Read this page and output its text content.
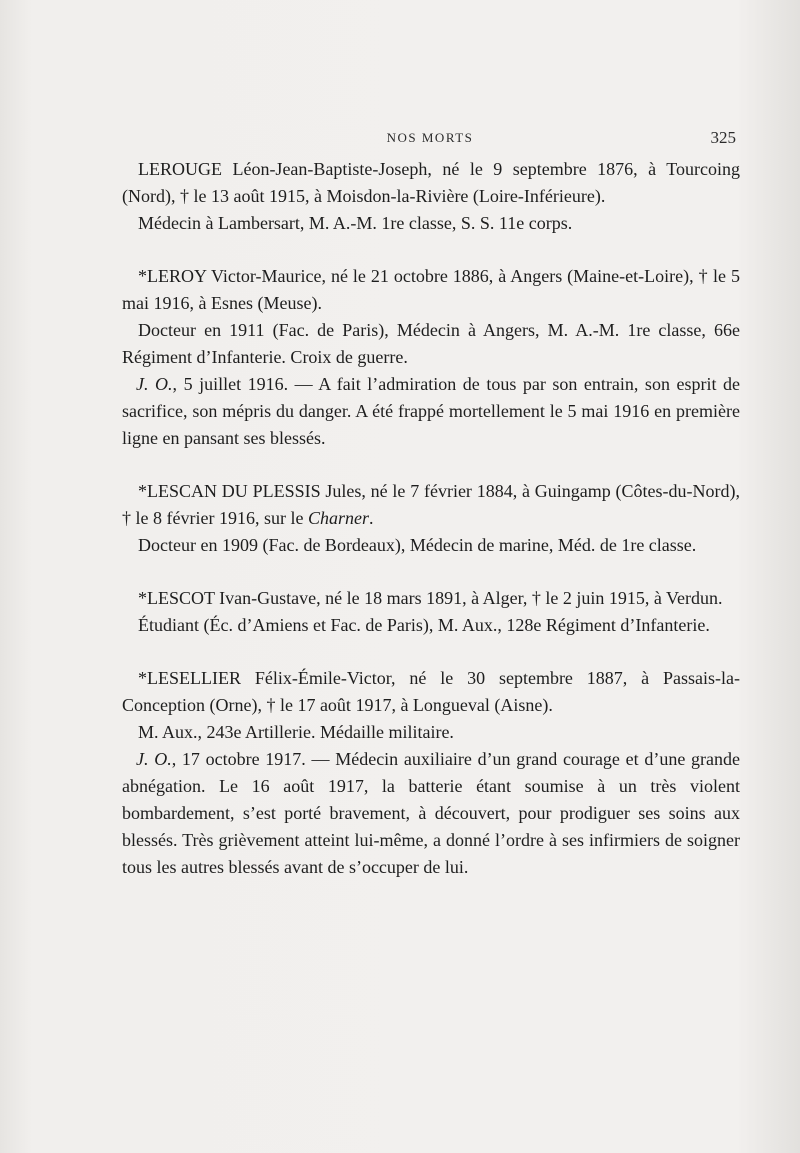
NOS MORTS	325

LEROUGE Léon-Jean-Baptiste-Joseph, né le 9 septembre 1876, à Tourcoing (Nord), † le 13 août 1915, à Moisdon-la-Rivière (Loire-Inférieure).

Médecin à Lambersart, M. A.-M. 1re classe, S. S. 11e corps.

*LEROY Victor-Maurice, né le 21 octobre 1886, à Angers (Maine-et-Loire), † le 5 mai 1916, à Esnes (Meuse).

Docteur en 1911 (Fac. de Paris), Médecin à Angers, M. A.-M. 1re classe, 66e Régiment d’Infanterie. Croix de guerre.

J. O., 5 juillet 1916. — A fait l’admiration de tous par son entrain, son esprit de sacrifice, son mépris du danger. A été frappé mortellement le 5 mai 1916 en première ligne en pansant ses blessés.

*LESCAN DU PLESSIS Jules, né le 7 février 1884, à Guingamp (Côtes-du-Nord), † le 8 février 1916, sur le Charner.

Docteur en 1909 (Fac. de Bordeaux), Médecin de marine, Méd. de 1re classe.

*LESCOT Ivan-Gustave, né le 18 mars 1891, à Alger, † le 2 juin 1915, à Verdun.

Étudiant (Éc. d’Amiens et Fac. de Paris), M. Aux., 128e Régiment d’Infanterie.

*LESELLIER Félix-Émile-Victor, né le 30 septembre 1887, à Passais-la-Conception (Orne), † le 17 août 1917, à Longueval (Aisne).

M. Aux., 243e Artillerie. Médaille militaire.

J. O., 17 octobre 1917. — Médecin auxiliaire d’un grand courage et d’une grande abnégation. Le 16 août 1917, la batterie étant soumise à un très violent bombardement, s’est porté bravement, à découvert, pour prodiguer ses soins aux blessés. Très grièvement atteint lui-même, a donné l’ordre à ses infirmiers de soigner tous les autres blessés avant de s’occuper de lui.
